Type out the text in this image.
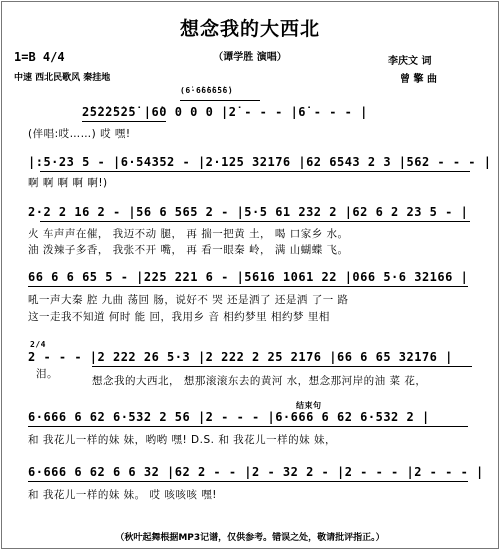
想念我的大西北
（谭学胜 演唱）
1=B 4/4
中速 西北民歌风 秦挂地
李庆文 词
曾 擎 曲
(6̇·6̇6̇6̇6̇5̇6̇)
2̇5̇2̇2̇5̇2̇5̇ |6̇0 0 0 0 |2̇ - - - |6̇ - - - |
(伴唱:哎……) 哎 嘿!
|:5·23 5 - |6·54352 - |2·125 32176 |62 6543 2 3 |562 - - - |
啊 啊 啊 啊 啊!)
2·2 2 16 2 - |56 6 565 2 - |5·5 61 232 2 |62 6 2 23 5 - |
火 车声声在催， 我迈不动 腿， 再 揣一把黄 土， 喝 口家乡 水。
油 泼辣子多香， 我张不开 嘴， 再 看一眼秦 岭， 满 山蝴蝶 飞。
66 6 6 65 5 - |225 221 6 - |5616 1061 22 |066 5·6 32166 |
吼一声大秦 腔 九曲 荡回 肠，说好不 哭 还是洒了 还是洒 了一 路
这一走我不知道 何时 能 回，我用乡 音 相约梦里 相约梦 里相
2/4
2 - - - |2 222 26 5·3 |2 222 2 25 2176 |66 6 65 32176 |
想念我的大西北， 想那滚滚东去的黄河 水，想念那河岸的油 菜 花，
泪。
结束句
6·666 6 62 6·532 2 56 |2 - - - |6·666 6 62 6·532 2 |
和 我花儿一样的妹 妹，哟哟 嘿! D.S. 和 我花儿一样的妹 妹，
6·666 6 62 6 6 32 |62 2 - - |2 - 32 2 - |2 - - - |2 - - - |
和 我花儿一样的妹 妹。 哎 咳咳咳 嘿!
（秋叶起舞根据MP3记谱，仅供参考。错误之处，敬请批评指正。）
